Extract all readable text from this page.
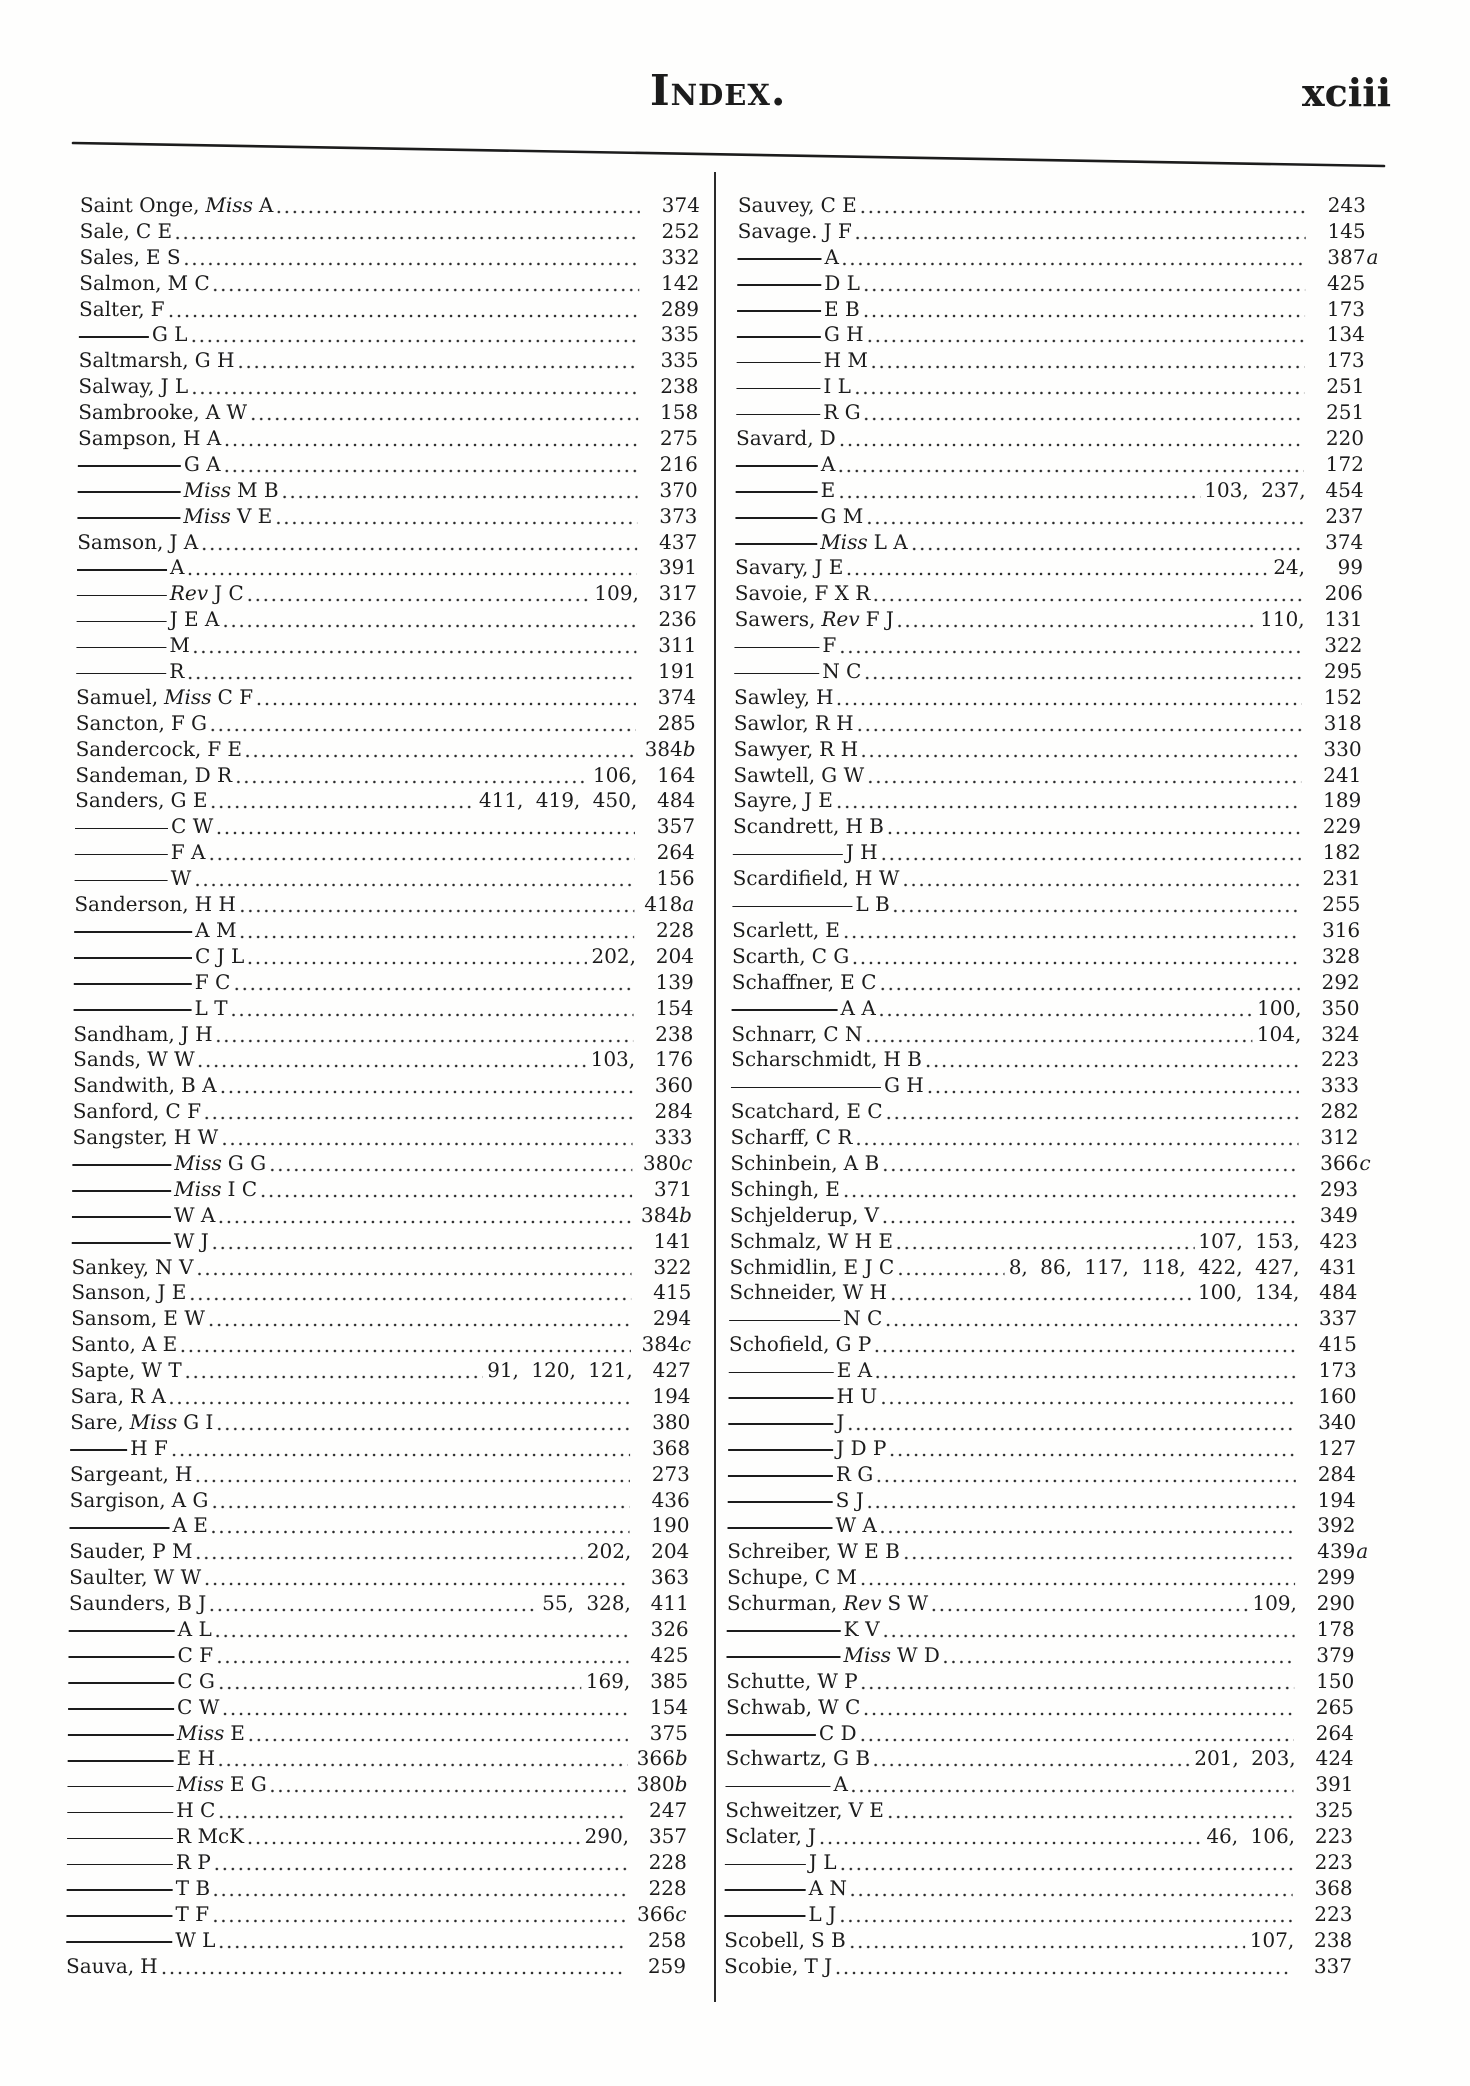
Index.	xciii
Saint Onge, Miss A	374
Sale, C E	252
Sales, E S	332
Salmon, M C	142
Salter, F	289
G L	335
Saltmarsh, G H	335
Salway, J L	238
Sambrooke, A W	158
Sampson, H A	275
G A	216
Miss M B	370
Miss V E	373
Samson, J A	437
A	391
Rev J C	109, 317
J E A	236
M	311
R	191
Samuel, Miss C F	374
Sancton, F G	285
Sandercock, F E	384b
Sandeman, D R	106, 164
Sanders, G E	411, 419, 450, 484
C W	357
F A	264
W	156
Sanderson, H H	418a
A M	228
C J L	202, 204
F C	139
L T	154
Sandham, J H	238
Sands, W W	103, 176
Sandwith, B A	360
Sanford, C F	284
Sangster, H W	333
Miss G G	380c
Miss I C	371
W A	384b
W J	141
Sankey, N V	322
Sanson, J E	415
Sansom, E W	294
Santo, A E	384c
Sapte, W T	91, 120, 121, 427
Sara, R A	194
Sare, Miss G I	380
H F	368
Sargeant, H	273
Sargison, A G	436
A E	190
Sauder, P M	202, 204
Saulter, W W	363
Saunders, B J	55, 328, 411
A L	326
C F	425
C G	169, 385
C W	154
Miss E	375
E H	366b
Miss E G	380b
H C	247
R McK	290, 357
R P	228
T B	228
T F	366c
W L	258
Sauva, H	259
Sauvey, C E	243
Savage. J F	145
A	387 a
D L	425
E B	173
G H	134
H M	173
I L	251
R G	251
Savard, D	220
A	172
E	103, 237, 454
G M	237
Miss L A	374
Savary, J E	24,	99
Savoie, F X R	206
Sawers, Rev F J	110, 131
F	322
N C	295
Sawley, H	152
Sawlor, R H	318
Sawyer, R H	330
Sawtell, G W	241
Sayre, J E	189
Scandrett, H B	229
J H	182
Scardifield, H W	231
L B	255
Scarlett, E	316
Scarth, C G	328
Schaffner, E C	292
A A	100, 350
Schnarr, C N	104, 324
Scharschmidt, H B	223
G H	333
Scatchard, E C	282
Scharff, C R	312
Schinbein, A B	366 c
Schingh, E	293
Schjelderup, V	349
Schmalz, W H E	107, 153, 423
Schmidlin, E J C	8, 86, 117, 118, 422, 427, 431
Schneider, W H	100, 134, 484
N C	337
Schofield, G P	415
E A	173
H U	160
J	340
J D P	127
R G	284
S J	194
W A	392
Schreiber, W E B	439 a
Schupe, C M	299
Schurman, Rev S W	109, 290
K V	178
Miss W D	379
Schutte, W P	150
Schwab, W C	265
C D	264
Schwartz, G B	201, 203, 424
A	391
Schweitzer, V E	325
Sclater, J	46, 106, 223
J L	223
A N	368
L J	223
Scobell, S B	107, 238
Scobie, T J	337
